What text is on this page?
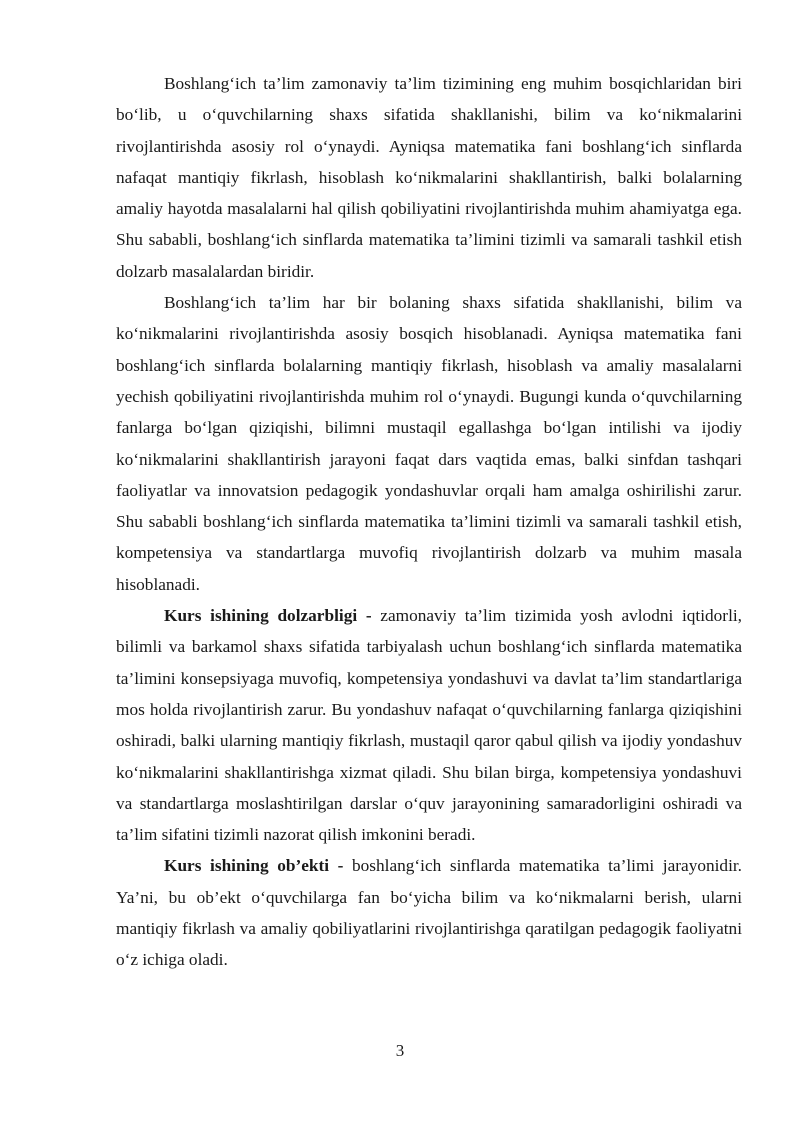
Boshlang‘ich ta’lim zamonaviy ta’lim tizimining eng muhim bosqichlaridan biri bo‘lib, u o‘quvchilarning shaxs sifatida shakllanishi, bilim va ko‘nikmalarini rivojlantirishda asosiy rol o‘ynaydi. Ayniqsa matematika fani boshlang‘ich sinflarda nafaqat mantiqiy fikrlash, hisoblash ko‘nikmalarini shakllantirish, balki bolalarning amaliy hayotda masalalarni hal qilish qobiliyatini rivojlantirishda muhim ahamiyatga ega. Shu sababli, boshlang‘ich sinflarda matematika ta’limini tizimli va samarali tashkil etish dolzarb masalalardan biridir.

Boshlang‘ich ta’lim har bir bolaning shaxs sifatida shakllanishi, bilim va ko‘nikmalarini rivojlantirishda asosiy bosqich hisoblanadi. Ayniqsa matematika fani boshlang‘ich sinflarda bolalarning mantiqiy fikrlash, hisoblash va amaliy masalalarni yechish qobiliyatini rivojlantirishda muhim rol o‘ynaydi. Bugungi kunda o‘quvchilarning fanlarga bo‘lgan qiziqishi, bilimni mustaqil egallashga bo‘lgan intilishi va ijodiy ko‘nikmalarini shakllantirish jarayoni faqat dars vaqtida emas, balki sinfdan tashqari faoliyatlar va innovatsion pedagogik yondashuvlar orqali ham amalga oshirilishi zarur. Shu sababli boshlang‘ich sinflarda matematika ta’limini tizimli va samarali tashkil etish, kompetensiya va standartlarga muvofiq rivojlantirish dolzarb va muhim masala hisoblanadi.

Kurs ishining dolzarbligi - zamonaviy ta’lim tizimida yosh avlodni iqtidorli, bilimli va barkamol shaxs sifatida tarbiyalash uchun boshlang‘ich sinflarda matematika ta’limini konsepsiyaga muvofiq, kompetensiya yondashuvi va davlat ta’lim standartlariga mos holda rivojlantirish zarur. Bu yondashuv nafaqat o‘quvchilarning fanlarga qiziqishini oshiradi, balki ularning mantiqiy fikrlash, mustaqil qaror qabul qilish va ijodiy yondashuv ko‘nikmalarini shakllantirishga xizmat qiladi. Shu bilan birga, kompetensiya yondashuvi va standartlarga moslashtirilgan darslar o‘quv jarayonining samaradorligini oshiradi va ta’lim sifatini tizimli nazorat qilish imkonini beradi.

Kurs ishining ob’ekti - boshlang‘ich sinflarda matematika ta’limi jarayonidir. Ya’ni, bu ob’ekt o‘quvchilarga fan bo‘yicha bilim va ko‘nikmalarni berish, ularni mantiqiy fikrlash va amaliy qobiliyatlarini rivojlantirishga qaratilgan pedagogik faoliyatni o‘z ichiga oladi.

3
